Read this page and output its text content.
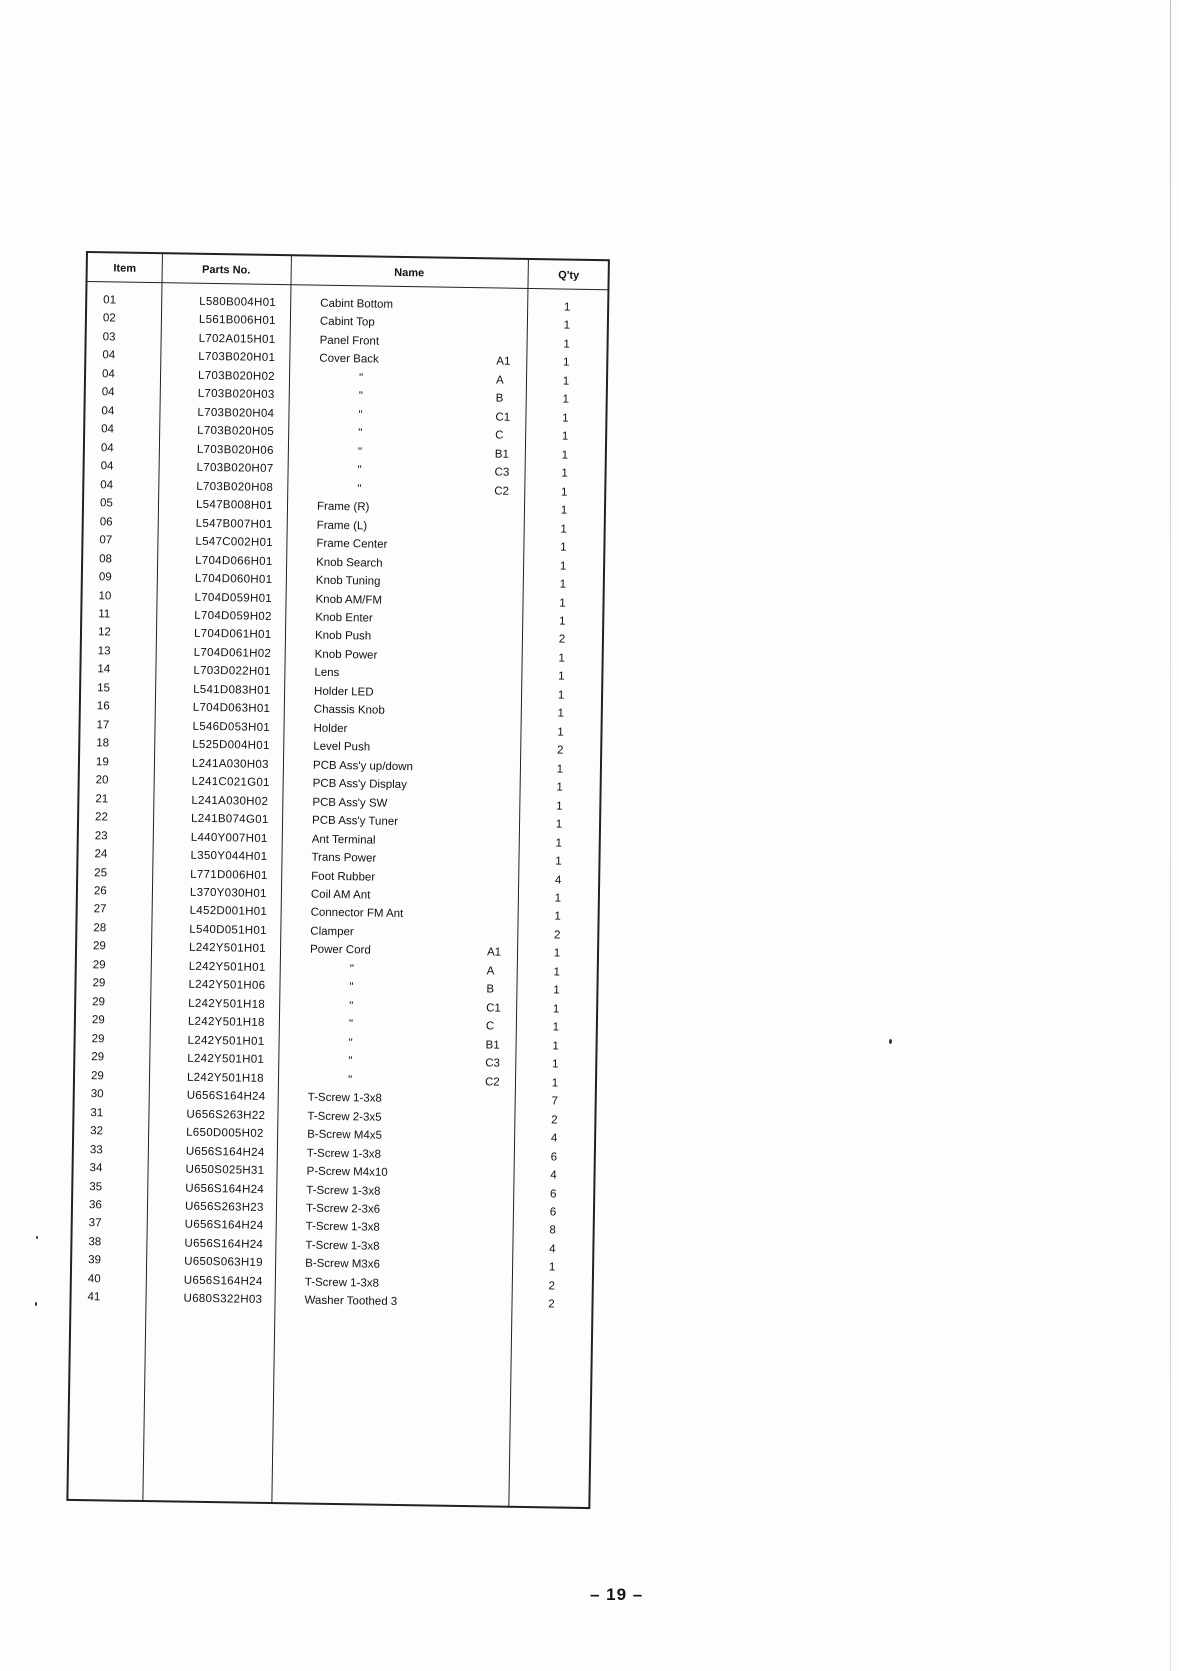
Item	Parts No.	Name	Q'ty
01	L580B004H01	Cabint Bottom	1
02	L561B006H01	Cabint Top	1
03	L702A015H01	Panel Front	1
04	L703B020H01	Cover Back	A1	1
04	L703B020H02	"	A	1
04	L703B020H03	"	B	1
04	L703B020H04	"	C1	1
04	L703B020H05	"	C	1
04	L703B020H06	"	B1	1
04	L703B020H07	"	C3	1
04	L703B020H08	"	C2	1
05	L547B008H01	Frame (R)	1
06	L547B007H01	Frame (L)	1
07	L547C002H01	Frame Center	1
08	L704D066H01	Knob Search	1
09	L704D060H01	Knob Tuning	1
10	L704D059H01	Knob AM/FM	1
11	L704D059H02	Knob Enter	1
12	L704D061H01	Knob Push	2
13	L704D061H02	Knob Power	1
14	L703D022H01	Lens	1
15	L541D083H01	Holder LED	1
16	L704D063H01	Chassis Knob	1
17	L546D053H01	Holder	1
18	L525D004H01	Level Push	2
19	L241A030H03	PCB Ass'y up/down	1
20	L241C021G01	PCB Ass'y Display	1
21	L241A030H02	PCB Ass'y SW	1
22	L241B074G01	PCB Ass'y Tuner	1
23	L440Y007H01	Ant Terminal	1
24	L350Y044H01	Trans Power	1
25	L771D006H01	Foot Rubber	4
26	L370Y030H01	Coil AM Ant	1
27	L452D001H01	Connector FM Ant	1
28	L540D051H01	Clamper	2
29	L242Y501H01	Power Cord	A1	1
29	L242Y501H01	"	A	1
29	L242Y501H06	"	B	1
29	L242Y501H18	"	C1	1
29	L242Y501H18	"	C	1
29	L242Y501H01	"	B1	1
29	L242Y501H01	"	C3	1
29	L242Y501H18	"	C2	1
30	U656S164H24	T-Screw 1-3x8	7
31	U656S263H22	T-Screw 2-3x5	2
32	L650D005H02	B-Screw M4x5	4
33	U656S164H24	T-Screw 1-3x8	6
34	U650S025H31	P-Screw M4x10	4
35	U656S164H24	T-Screw 1-3x8	6
36	U656S263H23	T-Screw 2-3x6	6
37	U656S164H24	T-Screw 1-3x8	8
38	U656S164H24	T-Screw 1-3x8	4
39	U650S063H19	B-Screw M3x6	1
40	U656S164H24	T-Screw 1-3x8	2
41	U680S322H03	Washer Toothed 3	2
– 19 –
